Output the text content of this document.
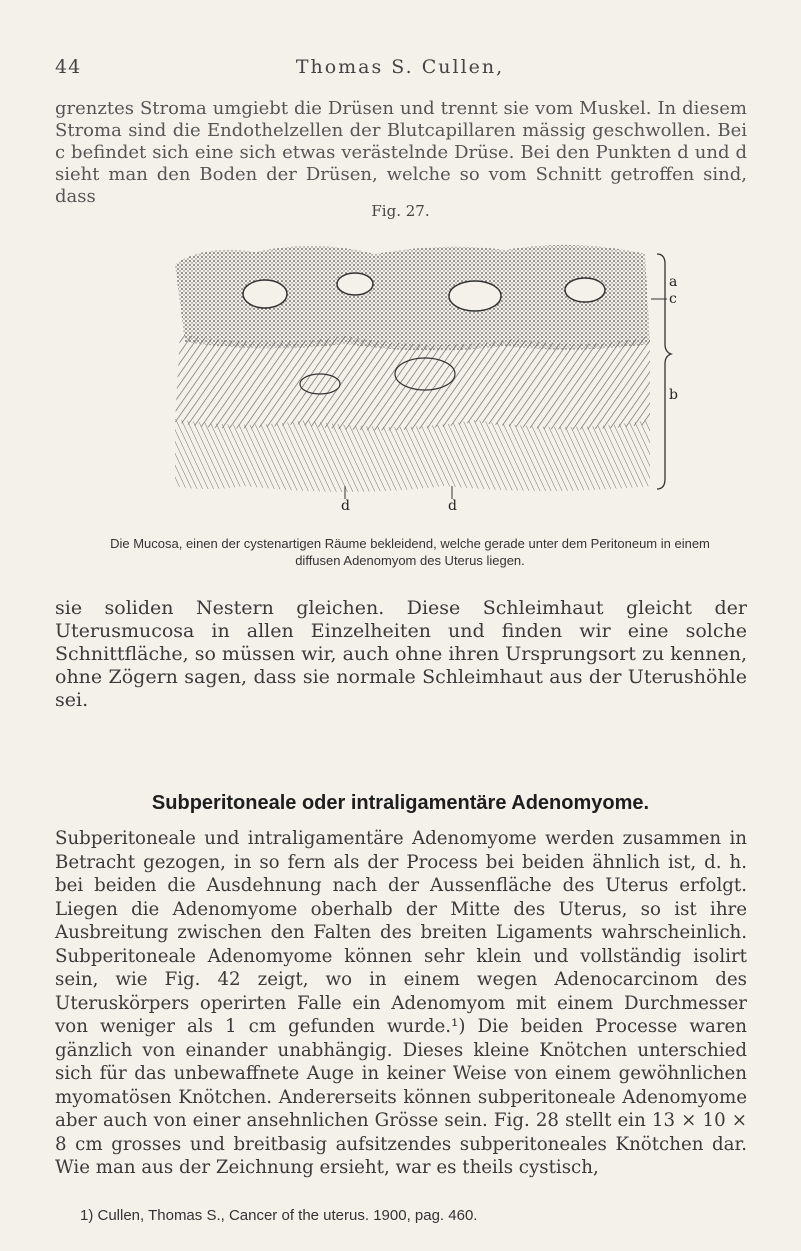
44	Thomas S. Cullen,

grenztes Stroma umgiebt die Drüsen und trennt sie vom Muskel. In diesem Stroma sind die Endothelzellen der Blutcapillaren mässig geschwollen. Bei c befindet sich eine sich etwas verästelnde Drüse. Bei den Punkten d und d sieht man den Boden der Drüsen, welche so vom Schnitt getroffen sind, dass

Fig. 27.
a
c
b
d	d
Die Mucosa, einen der cystenartigen Räume bekleidend, welche gerade unter dem Peritoneum in einem diffusen Adenomyom des Uterus liegen.

sie soliden Nestern gleichen. Diese Schleimhaut gleicht der Uterusmucosa in allen Einzelheiten und finden wir eine solche Schnittfläche, so müssen wir, auch ohne ihren Ursprungsort zu kennen, ohne Zögern sagen, dass sie normale Schleimhaut aus der Uterushöhle sei.

Subperitoneale oder intraligamentäre Adenomyome.

Subperitoneale und intraligamentäre Adenomyome werden zusammen in Betracht gezogen, in so fern als der Process bei beiden ähnlich ist, d. h. bei beiden die Ausdehnung nach der Aussenfläche des Uterus erfolgt. Liegen die Adenomyome oberhalb der Mitte des Uterus, so ist ihre Ausbreitung zwischen den Falten des breiten Ligaments wahrscheinlich. Subperitoneale Adenomyome können sehr klein und vollständig isolirt sein, wie Fig. 42 zeigt, wo in einem wegen Adenocarcinom des Uteruskörpers operirten Falle ein Adenomyom mit einem Durchmesser von weniger als 1 cm gefunden wurde.¹) Die beiden Processe waren gänzlich von einander unabhängig. Dieses kleine Knötchen unterschied sich für das unbewaffnete Auge in keiner Weise von einem gewöhnlichen myomatösen Knötchen. Andererseits können subperitoneale Adenomyome aber auch von einer ansehnlichen Grösse sein. Fig. 28 stellt ein 13 × 10 × 8 cm grosses und breitbasig aufsitzendes subperitoneales Knötchen dar. Wie man aus der Zeichnung ersieht, war es theils cystisch,

1) Cullen, Thomas S., Cancer of the uterus. 1900, pag. 460.
